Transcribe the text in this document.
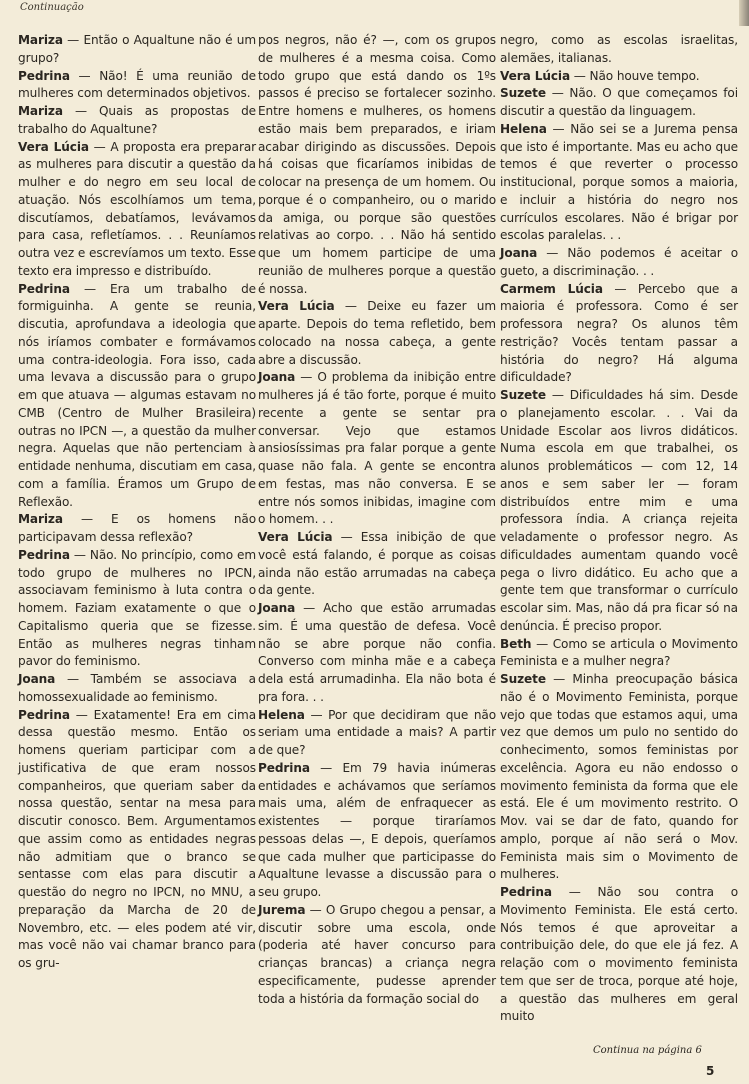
Continuação

Mariza — Então o Aqualtune não é um grupo?

Pedrina — Não! É uma reunião de mulheres com determinados objetivos.

Mariza — Quais as propostas de trabalho do Aqualtune?

Vera Lúcia — A proposta era preparar as mulheres para discutir a questão da mulher e do negro em seu local de atuação. Nós escolhíamos um tema, discutíamos, debatíamos, levávamos para casa, refletíamos. . . Reuníamos outra vez e escrevíamos um texto. Esse texto era impresso e distribuído.

Pedrina — Era um trabalho de formiguinha. A gente se reunia, discutia, aprofundava a ideologia que nós iríamos combater e formávamos uma contra-ideologia. Fora isso, cada uma levava a discussão para o grupo em que atuava — algumas estavam no CMB (Centro de Mulher Brasileira) outras no IPCN —, a questão da mulher negra. Aquelas que não pertenciam à entidade nenhuma, discutiam em casa, com a família. Éramos um Grupo de Reflexão.

Mariza — E os homens não participavam dessa reflexão?

Pedrina — Não. No princípio, como em todo grupo de mulheres no IPCN, associavam feminismo à luta contra o homem. Faziam exatamente o que o Capitalismo queria que se fizesse. Então as mulheres negras tinham pavor do feminismo.

Joana — Também se associava a homossexualidade ao feminismo.

Pedrina — Exatamente! Era em cima dessa questão mesmo. Então os homens queriam participar com a justificativa de que eram nossos companheiros, que queriam saber da nossa questão, sentar na mesa para discutir conosco. Bem. Argumentamos que assim como as entidades negras não admitiam que o branco se sentasse com elas para discutir a questão do negro no IPCN, no MNU, a preparação da Marcha de 20 de Novembro, etc. — eles podem até vir, mas você não vai chamar branco para os gru-

pos negros, não é? —, com os grupos de mulheres é a mesma coisa. Como todo grupo que está dando os 1ºs passos é preciso se fortalecer sozinho. Entre homens e mulheres, os homens estão mais bem preparados, e iriam acabar dirigindo as discussões. Depois há coisas que ficaríamos inibidas de colocar na presença de um homem. Ou porque é o companheiro, ou o marido da amiga, ou porque são questões relativas ao corpo. . . Não há sentido que um homem participe de uma reunião de mulheres porque a questão é nossa.

Vera Lúcia — Deixe eu fazer um aparte. Depois do tema refletido, bem colocado na nossa cabeça, a gente abre a discussão.

Joana — O problema da inibição entre mulheres já é tão forte, porque é muito recente a gente se sentar pra conversar. Vejo que estamos ansiosíssimas pra falar porque a gente quase não fala. A gente se encontra em festas, mas não conversa. E se entre nós somos inibidas, imagine com o homem. . .

Vera Lúcia — Essa inibição de que você está falando, é porque as coisas ainda não estão arrumadas na cabeça da gente.

Joana — Acho que estão arrumadas sim. É uma questão de defesa. Você não se abre porque não confia. Converso com minha mãe e a cabeça dela está arrumadinha. Ela não bota é pra fora. . .

Helena — Por que decidiram que não seriam uma entidade a mais? A partir de que?

Pedrina — Em 79 havia inúmeras entidades e achávamos que seríamos mais uma, além de enfraquecer as existentes — porque tiraríamos pessoas delas —, E depois, queríamos que cada mulher que participasse do Aqualtune levasse a discussão para o seu grupo.

Jurema — O Grupo chegou a pensar, a discutir sobre uma escola, onde (poderia até haver concurso para crianças brancas) a criança negra especificamente, pudesse aprender toda a história da formação social do

negro, como as escolas israelitas, alemães, italianas.

Vera Lúcia — Não houve tempo.

Suzete — Não. O que começamos foi discutir a questão da linguagem.

Helena — Não sei se a Jurema pensa que isto é importante. Mas eu acho que temos é que reverter o processo institucional, porque somos a maioria, e incluir a história do negro nos currículos escolares. Não é brigar por escolas paralelas. . .

Joana — Não podemos é aceitar o gueto, a discriminação. . .

Carmem Lúcia — Percebo que a maioria é professora. Como é ser professora negra? Os alunos têm restrição? Vocês tentam passar a história do negro? Há alguma dificuldade?

Suzete — Dificuldades há sim. Desde o planejamento escolar. . . Vai da Unidade Escolar aos livros didáticos. Numa escola em que trabalhei, os alunos problemáticos — com 12, 14 anos e sem saber ler — foram distribuídos entre mim e uma professora índia. A criança rejeita veladamente o professor negro. As dificuldades aumentam quando você pega o livro didático. Eu acho que a gente tem que transformar o currículo escolar sim. Mas, não dá pra ficar só na denúncia. É preciso propor.

Beth — Como se articula o Movimento Feminista e a mulher negra?

Suzete — Minha preocupação básica não é o Movimento Feminista, porque vejo que todas que estamos aqui, uma vez que demos um pulo no sentido do conhecimento, somos feministas por excelência. Agora eu não endosso o movimento feminista da forma que ele está. Ele é um movimento restrito. O Mov. vai se dar de fato, quando for amplo, porque aí não será o Mov. Feminista mais sim o Movimento de mulheres.

Pedrina — Não sou contra o Movimento Feminista. Ele está certo. Nós temos é que aproveitar a contribuição dele, do que ele já fez. A relação com o movimento feminista tem que ser de troca, porque até hoje, a questão das mulheres em geral muito

Continua na página 6
5
